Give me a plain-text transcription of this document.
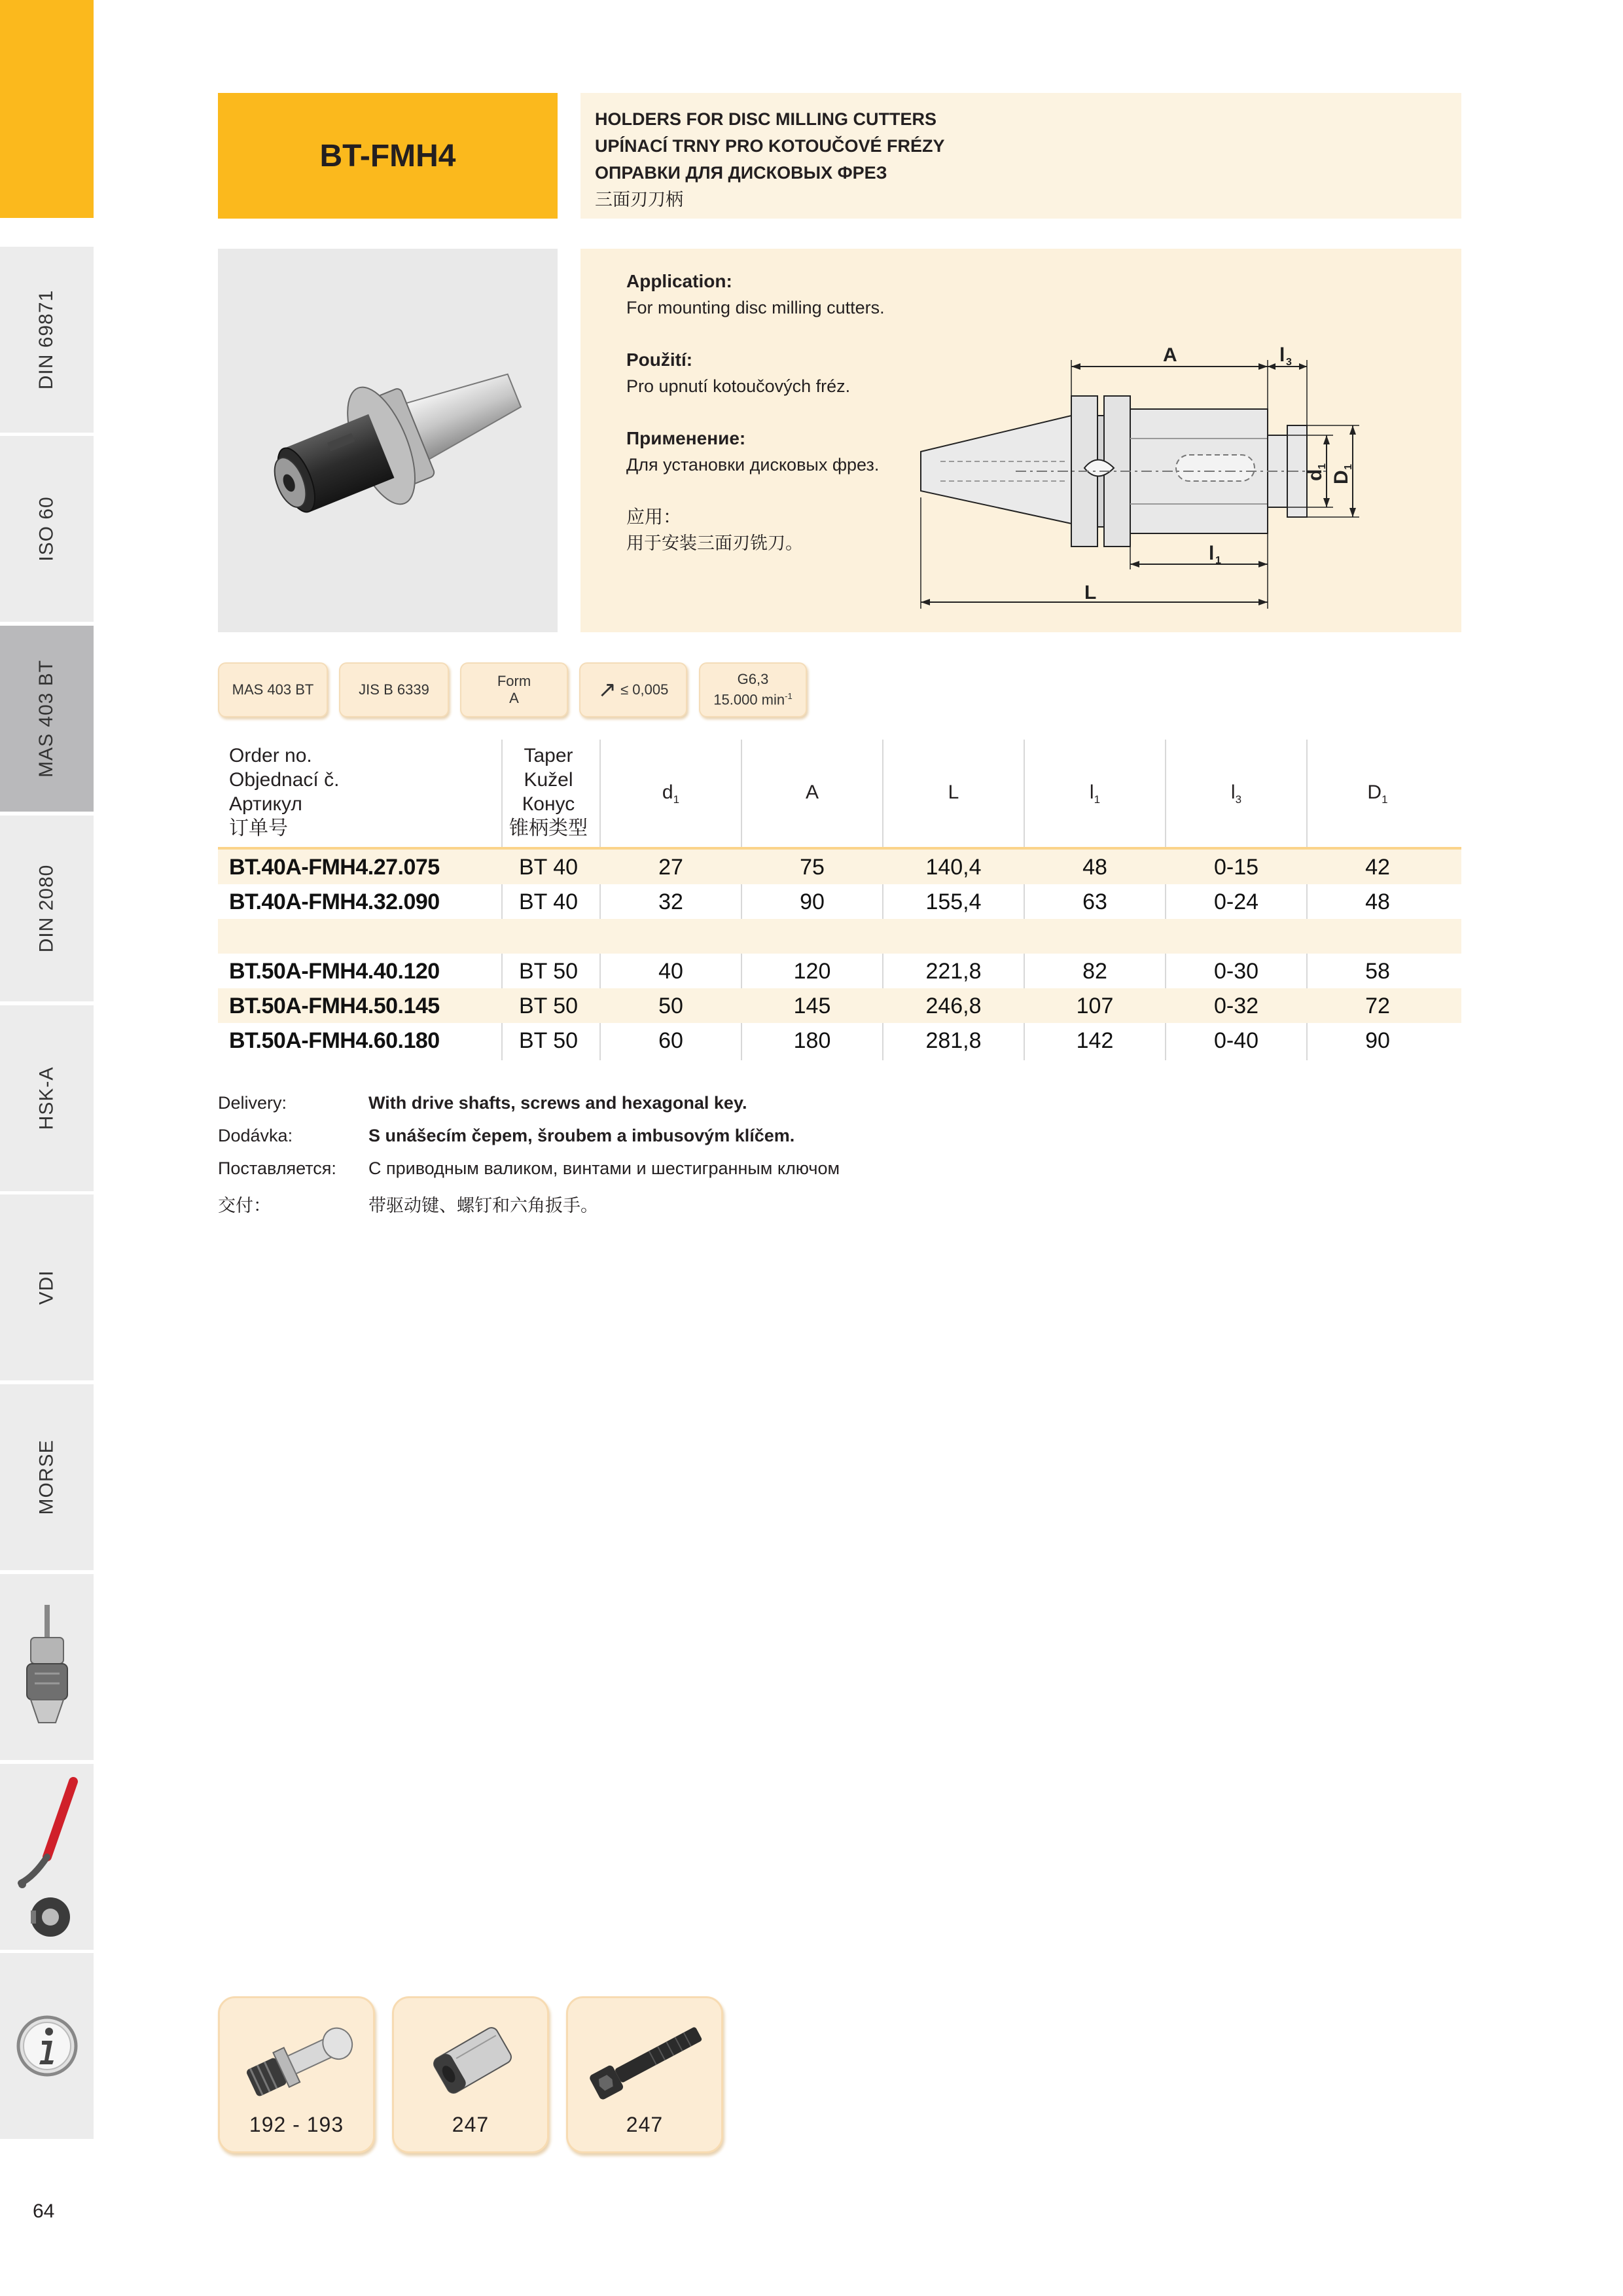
DIN 69871
ISO 60
MAS 403 BT
DIN 2080
HSK-A
VDI
MORSE
BT-FMH4
HOLDERS FOR DISC MILLING CUTTERS
UPÍNACÍ TRNY PRO KOTOUČOVÉ FRÉZY
ОПРАВКИ ДЛЯ ДИСКОВЫХ ФРЕЗ
三面刃刀柄
Application:
For mounting disc milling cutters.
Použití:
Pro upnutí kotoučových fréz.
Применение:
Для установки дисковых фрез.
应用：
用于安装三面刃铣刀。
A	l 3
l 1
L
d
1
D
1
MAS 403 BT	JIS B 6339
Form
A	↗ ≤ 0,005
G6,3
15.000 $\min^{-1}$
Order no.
Objednací č.
Артикул
订单号
Taper
Kužel
Конус
锥柄类型
$d_1$	A	L	$l_1$	$l_3$	$D_1$
BT.40A-FMH4.27.075	BT 40	27	75	140,4	48	0-15	42
BT.40A-FMH4.32.090	BT 40	32	90	155,4	63	0-24	48
BT.50A-FMH4.40.120	BT 50	40	120	221,8	82	0-30	58
BT.50A-FMH4.50.145	BT 50	50	145	246,8	107	0-32	72
BT.50A-FMH4.60.180	BT 50	60	180	281,8	142	0-40	90
Delivery:	With drive shafts, screws and hexagonal key.
Dodávka:	S unášecím čepem, šroubem a imbusovým klíčem.
Поставляется: С приводным валиком, винтами и шестигранным ключом
交付：	带驱动键、螺钉和六角扳手。
192 - 193	247	247
64
